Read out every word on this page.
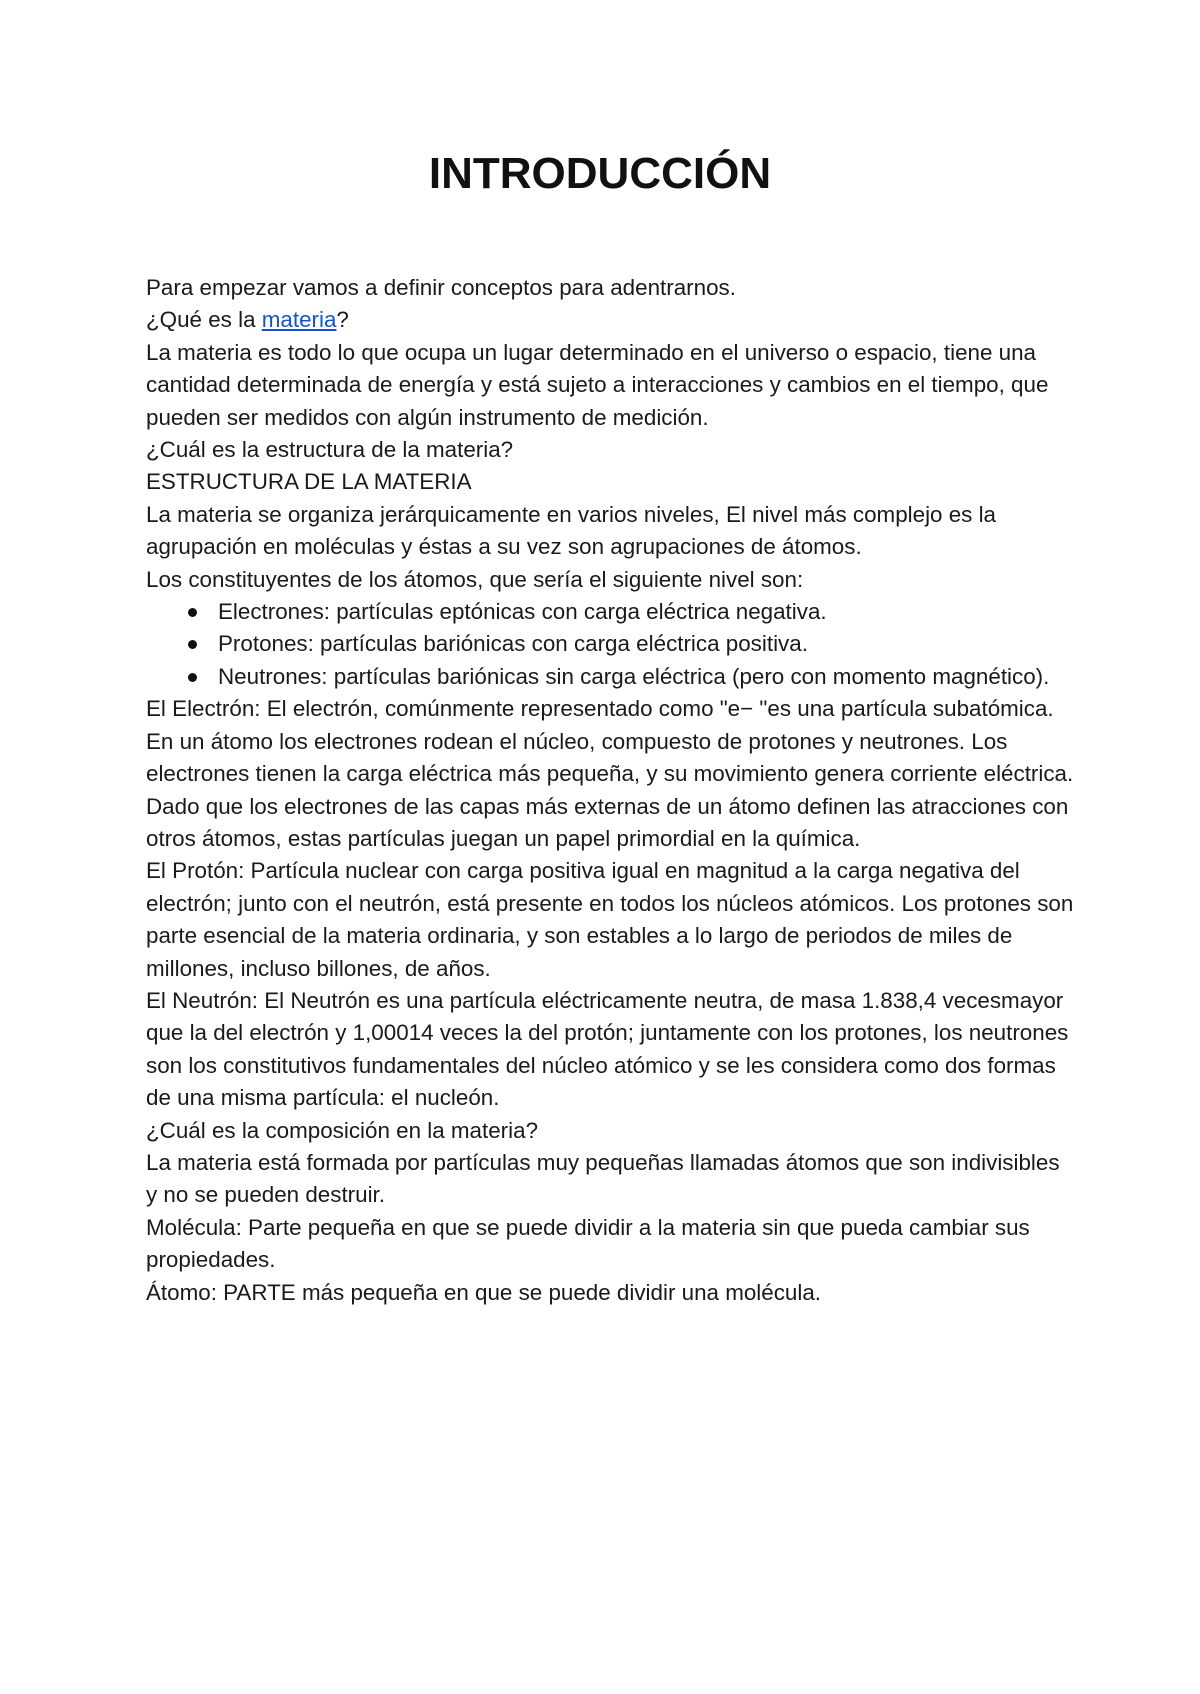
INTRODUCCIÓN

Para empezar vamos a definir conceptos para adentrarnos.

¿Qué es la materia?

La materia es todo lo que ocupa un lugar determinado en el universo o espacio, tiene una cantidad determinada de energía y está sujeto a interacciones y cambios en el tiempo, que pueden ser medidos con algún instrumento de medición.

¿Cuál es la estructura de la materia?

ESTRUCTURA DE LA MATERIA

La materia se organiza jerárquicamente en varios niveles, El nivel más complejo es la agrupación en moléculas y éstas a su vez son agrupaciones de átomos.

Los constituyentes de los átomos, que sería el siguiente nivel son:

Electrones: partículas eptónicas con carga eléctrica negativa.
Protones: partículas bariónicas con carga eléctrica positiva.
Neutrones: partículas bariónicas sin carga eléctrica (pero con momento magnético).

El Electrón: El electrón, comúnmente representado como "e− "es una partícula subatómica. En un átomo los electrones rodean el núcleo, compuesto de protones y neutrones. Los electrones tienen la carga eléctrica más pequeña, y su movimiento genera corriente eléctrica. Dado que los electrones de las capas más externas de un átomo definen las atracciones con otros átomos, estas partículas juegan un papel primordial en la química.

El Protón: Partícula nuclear con carga positiva igual en magnitud a la carga negativa del electrón; junto con el neutrón, está presente en todos los núcleos atómicos. Los protones son parte esencial de la materia ordinaria, y son estables a lo largo de periodos de miles de millones, incluso billones, de años.

El Neutrón: El Neutrón es una partícula eléctricamente neutra, de masa 1.838,4 vecesmayor que la del electrón y 1,00014 veces la del protón; juntamente con los protones, los neutrones son los constitutivos fundamentales del núcleo atómico y se les considera como dos formas de una misma partícula: el nucleón.

¿Cuál es la composición en la materia?

La materia está formada por partículas muy pequeñas llamadas átomos que son indivisibles y no se pueden destruir.

Molécula: Parte pequeña en que se puede dividir a la materia sin que pueda cambiar sus propiedades.

Átomo: PARTE más pequeña en que se puede dividir una molécula.
